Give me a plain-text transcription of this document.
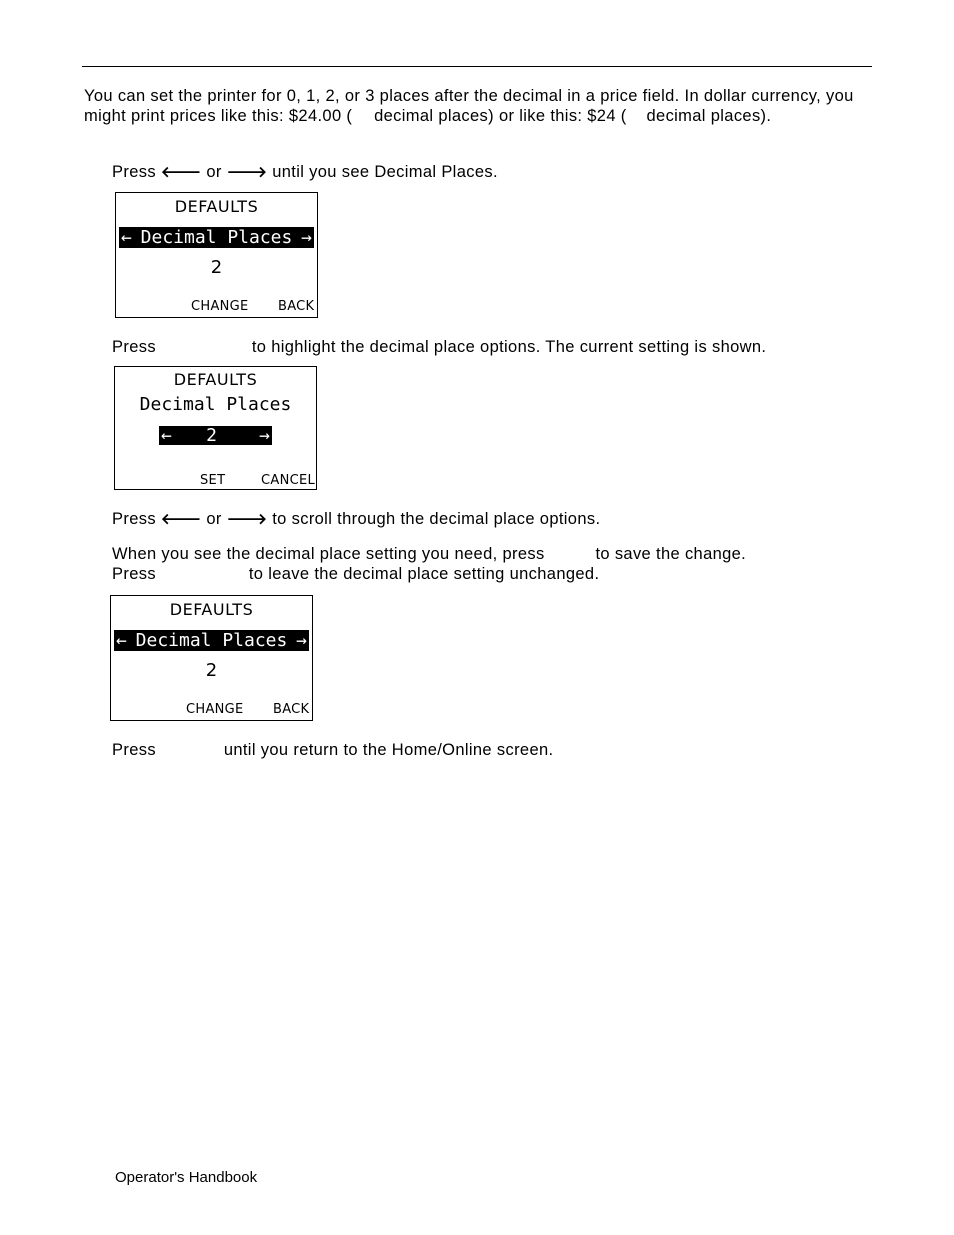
You can set the printer for 0, 1, 2, or 3 places after the decimal in a price field. In dollar currency, you might print prices like this: $24.00 ( decimal places) or like this: $24 ( decimal places).
Press 🡐 or 🡒 until you see Decimal Places.
DEFAULTS
← Decimal Places →
2
CHANGE BACK
Press	to highlight the decimal place options. The current setting is shown.
DEFAULTS
Decimal Places
←	2	→
SET	CANCEL
Press 🡐 or 🡒 to scroll through the decimal place options.
When you see the decimal place setting you need, press	to save the change.
Press	to leave the decimal place setting unchanged.
DEFAULTS
← Decimal Places →
2
CHANGE BACK
Press	until you return to the Home/Online screen.
Operator's Handbook
